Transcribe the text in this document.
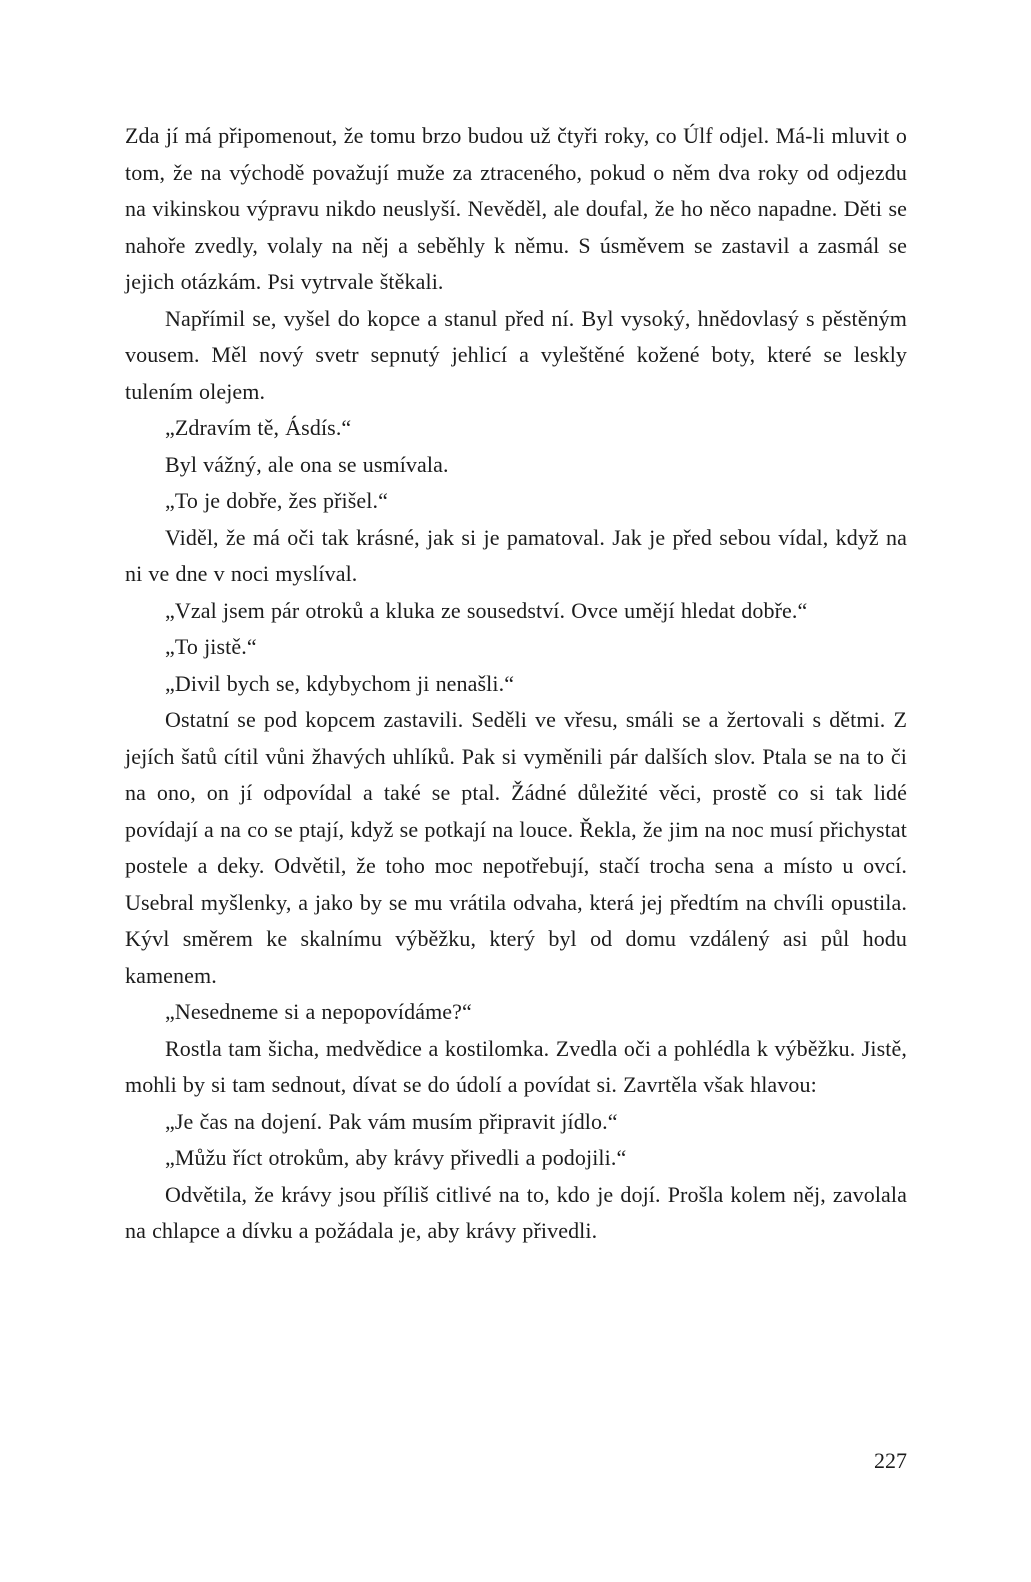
Zda jí má připomenout, že tomu brzo budou už čtyři roky, co Úlf odjel. Má-li mluvit o tom, že na východě považují muže za ztraceného, pokud o něm dva roky od odjezdu na vikinskou výpravu nikdo neuslyší. Nevěděl, ale doufal, že ho něco napadne. Děti se nahoře zvedly, volaly na něj a seběhly k němu. S úsměvem se zastavil a zasmál se jejich otázkám. Psi vytrvale štěkali.

Napřímil se, vyšel do kopce a stanul před ní. Byl vysoký, hnědovlasý s pěstěným vousem. Měl nový svetr sepnutý jehlicí a vyleštěné kožené boty, které se leskly tulením olejem.

„Zdravím tě, Ásdís.“

Byl vážný, ale ona se usmívala.

„To je dobře, žes přišel.“

Viděl, že má oči tak krásné, jak si je pamatoval. Jak je před sebou vídal, když na ni ve dne v noci myslíval.

„Vzal jsem pár otroků a kluka ze sousedství. Ovce umějí hledat dobře.“

„To jistě.“

„Divil bych se, kdybychom ji nenašli.“

Ostatní se pod kopcem zastavili. Seděli ve vřesu, smáli se a žertovali s dětmi. Z jejích šatů cítil vůni žhavých uhlíků. Pak si vyměnili pár dalších slov. Ptala se na to či na ono, on jí odpovídal a také se ptal. Žádné důležité věci, prostě co si tak lidé povídají a na co se ptají, když se potkají na louce. Řekla, že jim na noc musí přichystat postele a deky. Odvětil, že toho moc nepotřebují, stačí trocha sena a místo u ovcí. Usebral myšlenky, a jako by se mu vrátila odvaha, která jej předtím na chvíli opustila. Kývl směrem ke skalnímu výběžku, který byl od domu vzdálený asi půl hodu kamenem.

„Nesedneme si a nepopovídáme?“

Rostla tam šicha, medvědice a kostilomka. Zvedla oči a pohlédla k výběžku. Jistě, mohli by si tam sednout, dívat se do údolí a povídat si. Zavrtěla však hlavou:

„Je čas na dojení. Pak vám musím připravit jídlo.“

„Můžu říct otrokům, aby krávy přivedli a podojili.“

Odvětila, že krávy jsou příliš citlivé na to, kdo je dojí. Prošla kolem něj, zavolala na chlapce a dívku a požádala je, aby krávy přivedli.

227
